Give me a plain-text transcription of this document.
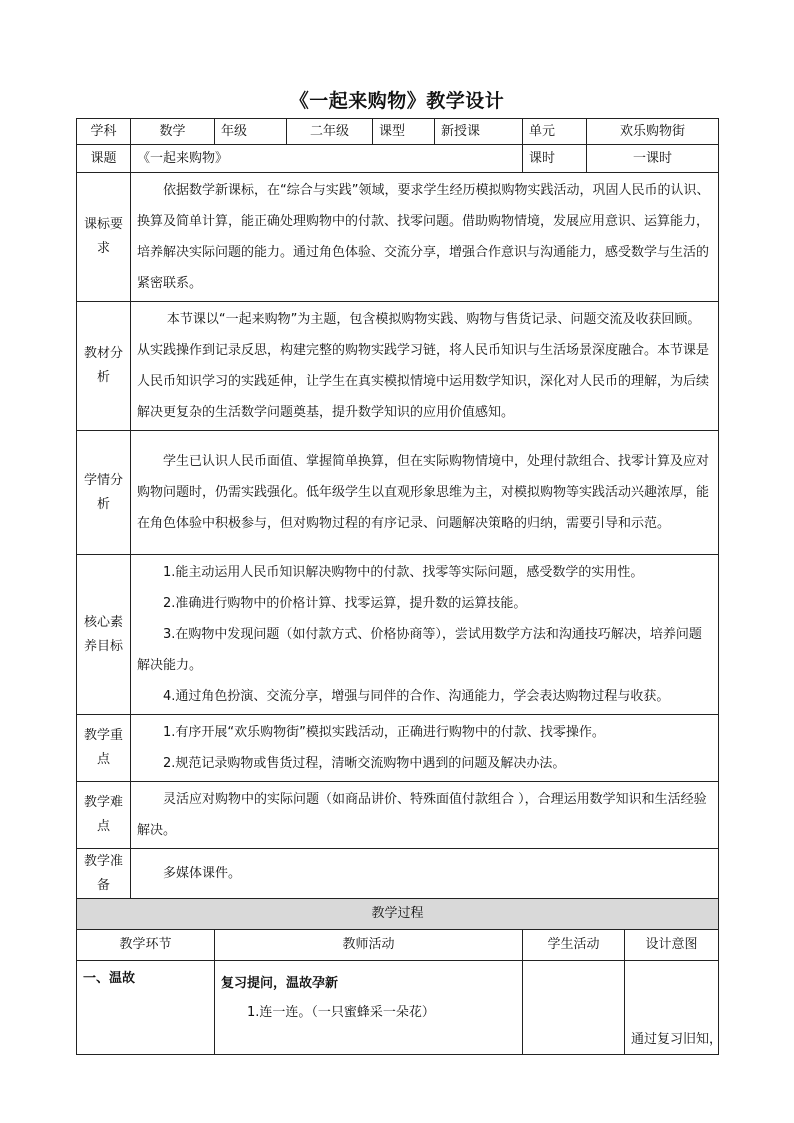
《一起来购物》教学设计
学科	数学	年级	二年级	课型	新授课	单元	欢乐购物街	
课题	《一起来购物》					课时	一课时	
课标要求	依据数学新课标，在“综合与实践”领域，要求学生经历模拟购物实践活动，巩固人民币的认识、换算及简单计算，能正确处理购物中的付款、找零问题。借助购物情境，发展应用意识、运算能力，培养解决实际问题的能力。通过角色体验、交流分享，增强合作意识与沟通能力，感受数学与生活的紧密联系。							
教材分析	本节课以“一起来购物”为主题，包含模拟购物实践、购物与售货记录、问题交流及收获回顾。从实践操作到记录反思，构建完整的购物实践学习链，将人民币知识与生活场景深度融合。本节课是人民币知识学习的实践延伸，让学生在真实模拟情境中运用数学知识，深化对人民币的理解，为后续解决更复杂的生活数学问题奠基，提升数学知识的应用价值感知。							
学情分析	学生已认识人民币面值、掌握简单换算，但在实际购物情境中，处理付款组合、找零计算及应对购物问题时，仍需实践强化。低年级学生以直观形象思维为主，对模拟购物等实践活动兴趣浓厚，能在角色体验中积极参与，但对购物过程的有序记录、问题解决策略的归纳，需要引导和示范。							
核心素养目标	1.能主动运用人民币知识解决购物中的付款、找零等实际问题，感受数学的实用性。
2.准确进行购物中的价格计算、找零运算，提升数的运算技能。
3.在购物中发现问题（如付款方式、价格协商等），尝试用数学方法和沟通技巧解决，培养问题解决能力。
4.通过角色扮演、交流分享，增强与同伴的合作、沟通能力，学会表达购物过程与收获。							

教学重点	1.有序开展“欢乐购物街”模拟实践活动，正确进行购物中的付款、找零操作。
2.规范记录购物或售货过程，清晰交流购物中遇到的问题及解决办法。							

教学难点	灵活应对购物中的实际问题（如商品讲价、特殊面值付款组合 ），合理运用数学知识和生活经验解决。							
教学准备	多媒体课件。							
教学过程								
教学环节		教师活动				学生活动		设计意图
一、温故		复习提问，温故孕新
1.连一连。（一只蜜蜂采一朵花）						通过复习旧知，
